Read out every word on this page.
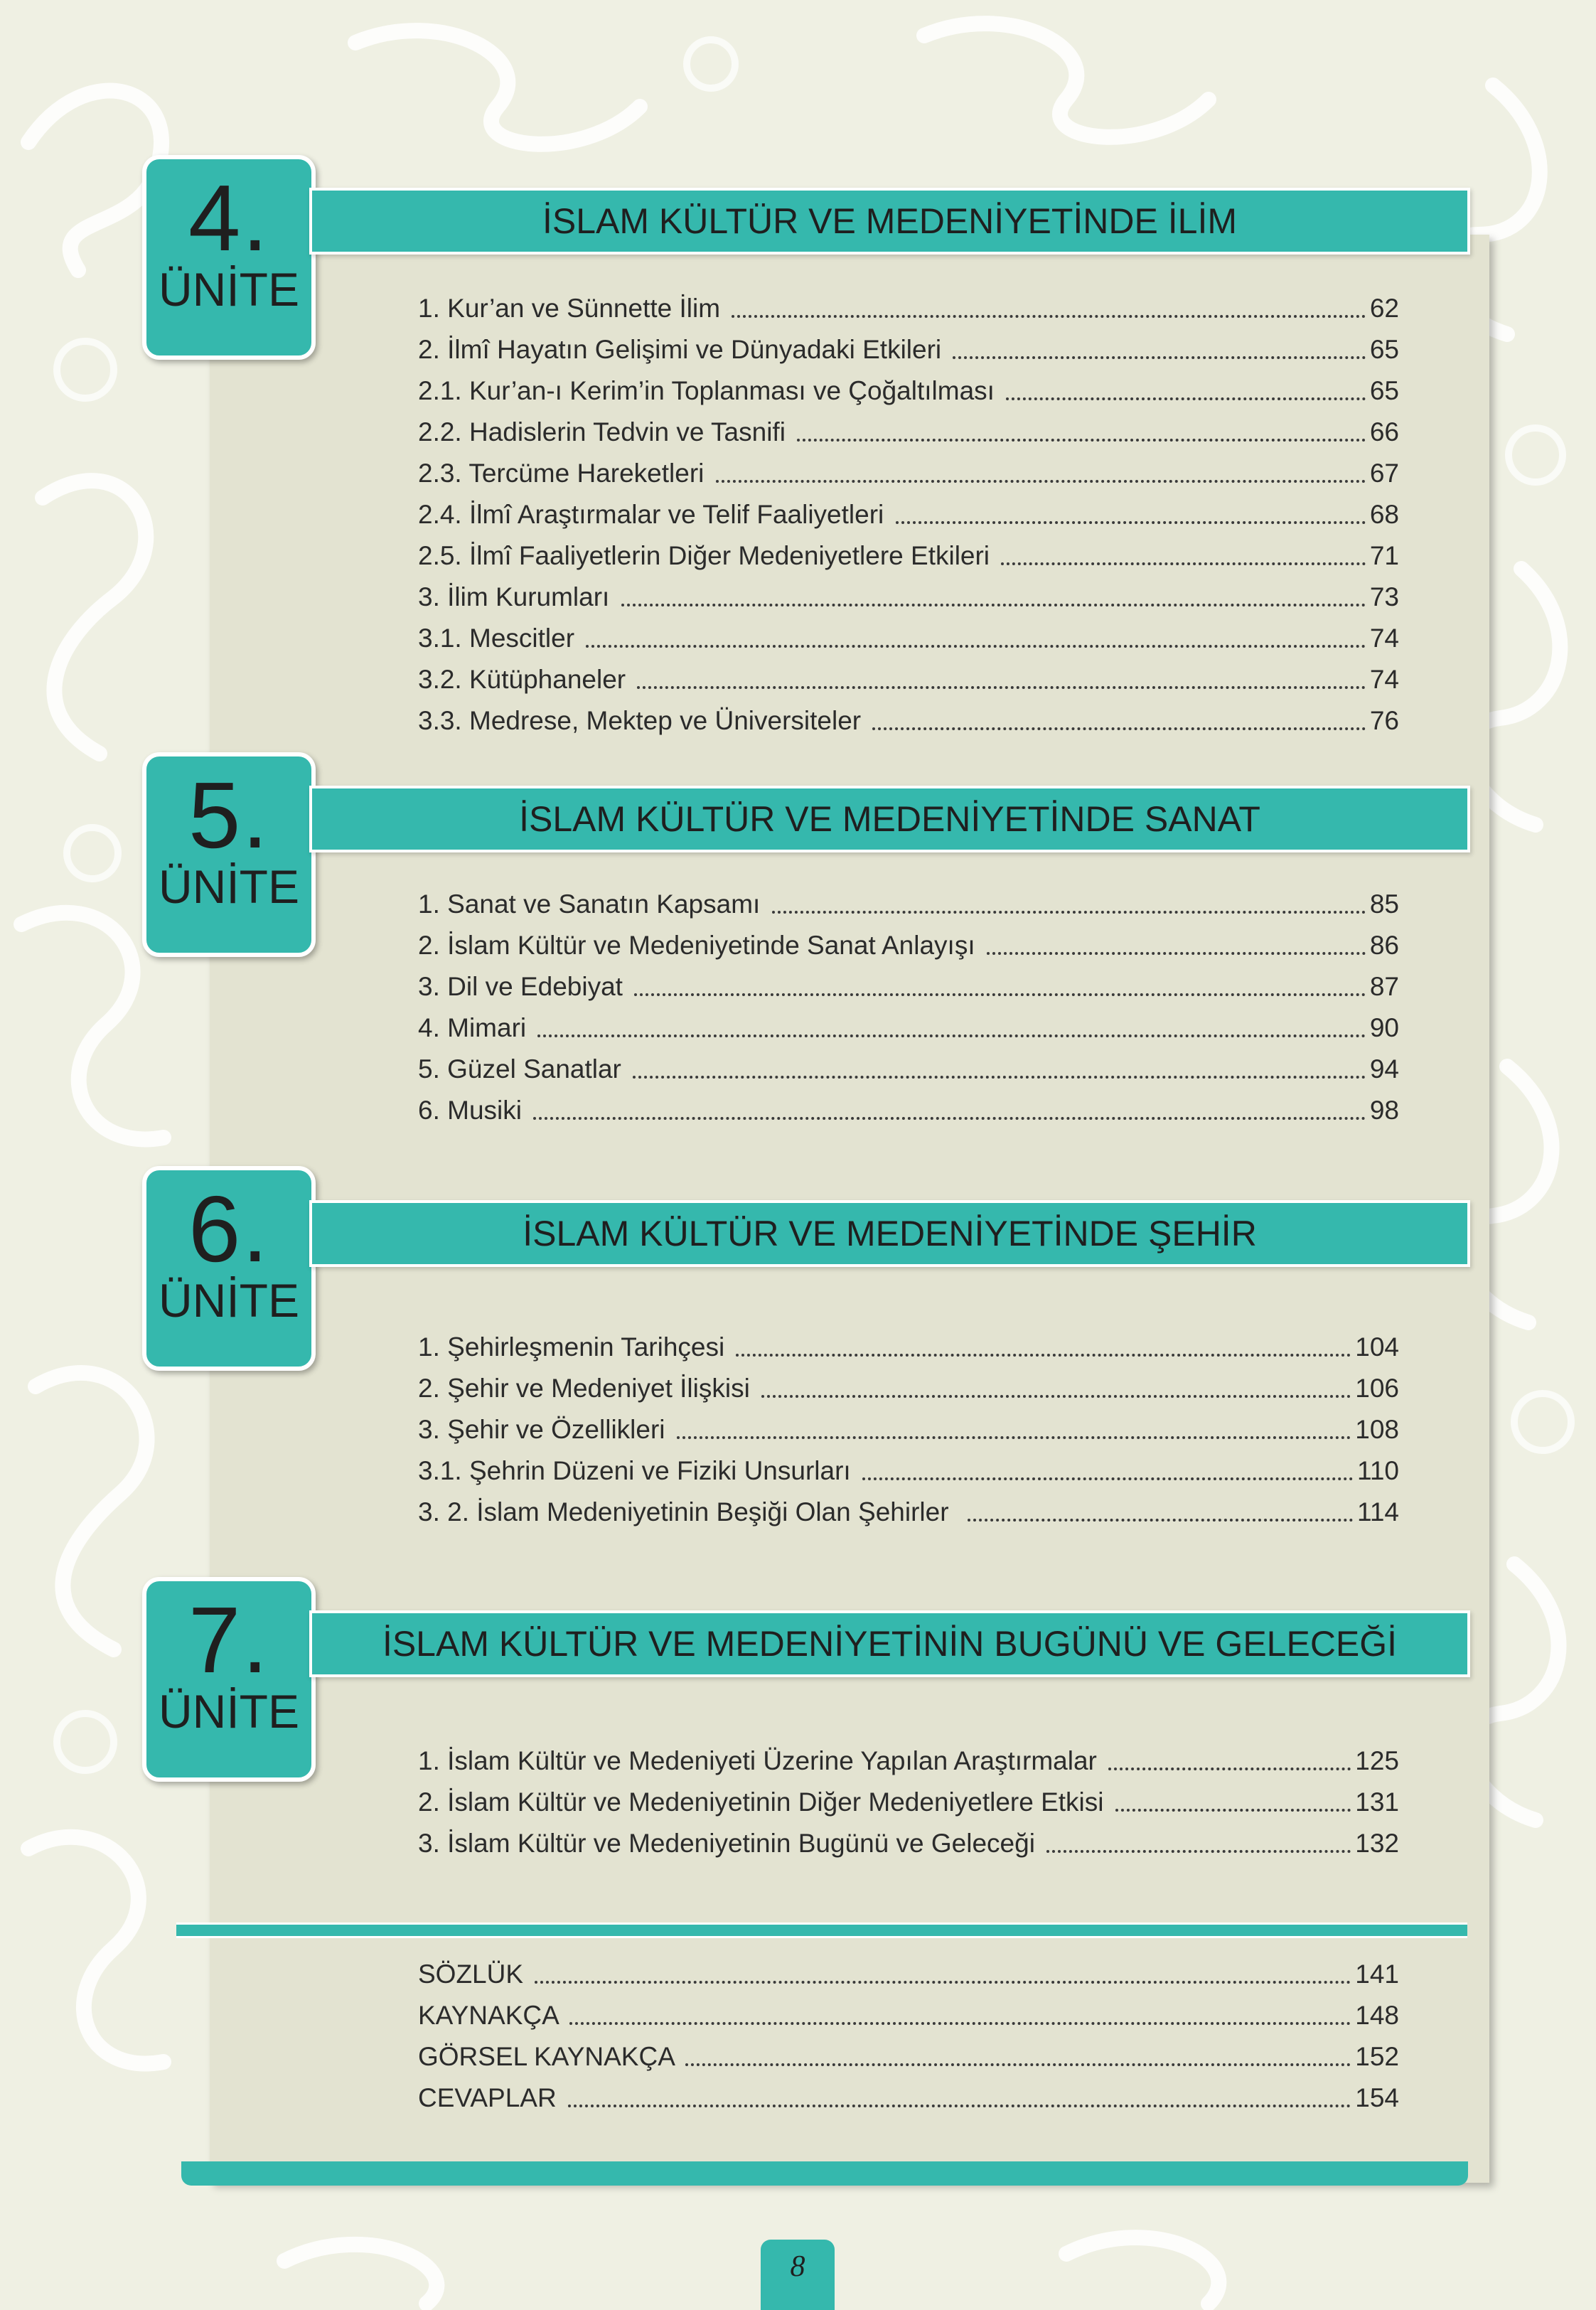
4.
ÜNİTE
İSLAM KÜLTÜR VE MEDENİYETİNDE İLİM
1. Kur’an ve Sünnette İlim	62
2. İlmî Hayatın Gelişimi ve Dünyadaki Etkileri	65
2.1. Kur’an-ı Kerim’in Toplanması ve Çoğaltılması	65
2.2. Hadislerin Tedvin ve Tasnifi	66
2.3. Tercüme Hareketleri	67
2.4. İlmî Araştırmalar ve Telif Faaliyetleri	68
2.5. İlmî Faaliyetlerin Diğer Medeniyetlere Etkileri	71
3. İlim Kurumları	73
3.1. Mescitler	74
3.2. Kütüphaneler	74
3.3. Medrese, Mektep ve Üniversiteler	76
5.
ÜNİTE
İSLAM KÜLTÜR VE MEDENİYETİNDE SANAT
1. Sanat ve Sanatın Kapsamı	85
2. İslam Kültür ve Medeniyetinde Sanat Anlayışı	86
3. Dil ve Edebiyat	87
4. Mimari	90
5. Güzel Sanatlar	94
6. Musiki	98
6.
ÜNİTE
İSLAM KÜLTÜR VE MEDENİYETİNDE ŞEHİR
1. Şehirleşmenin Tarihçesi	104
2. Şehir ve Medeniyet İlişkisi	106
3. Şehir ve Özellikleri	108
3.1. Şehrin Düzeni ve Fiziki Unsurları	110
3. 2. İslam Medeniyetinin Beşiği Olan Şehirler	114
7.
ÜNİTE
İSLAM KÜLTÜR VE MEDENİYETİNİN BUGÜNÜ VE GELECEĞİ
1. İslam Kültür ve Medeniyeti Üzerine Yapılan Araştırmalar	125
2. İslam Kültür ve Medeniyetinin Diğer Medeniyetlere Etkisi	131
3. İslam Kültür ve Medeniyetinin Bugünü ve Geleceği	132
SÖZLÜK	141
KAYNAKÇA	148
GÖRSEL KAYNAKÇA	152
CEVAPLAR	154
8
